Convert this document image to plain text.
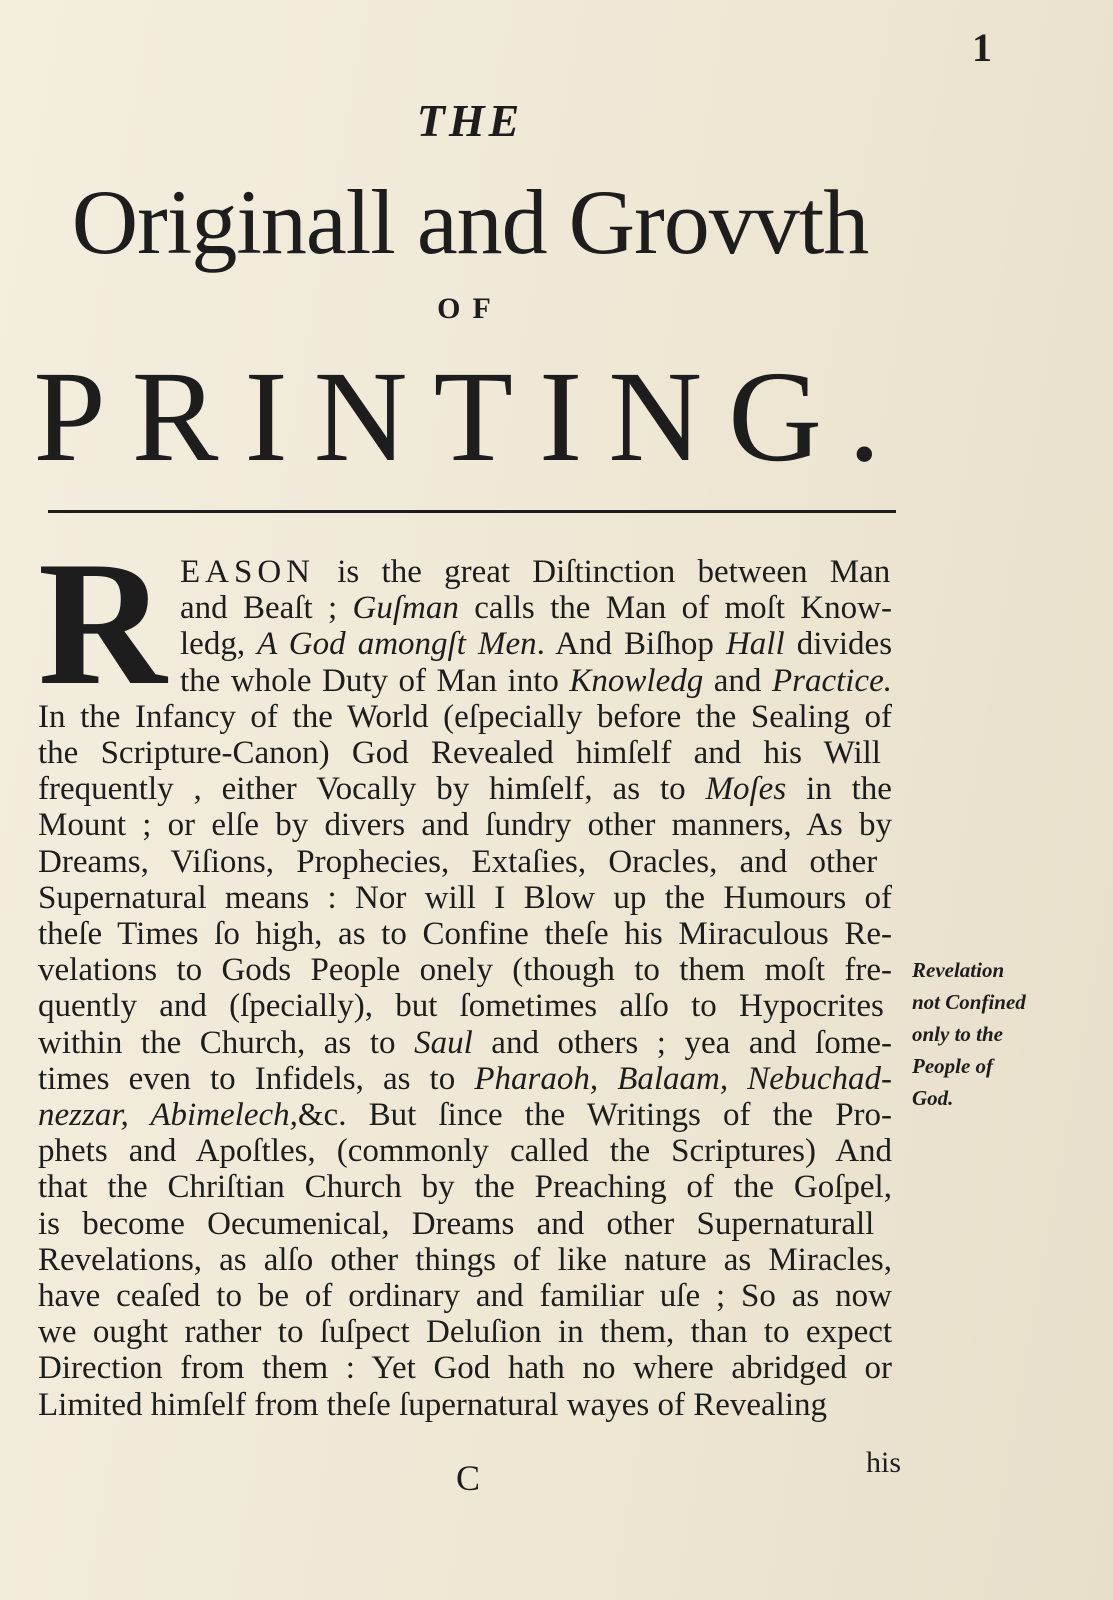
1
THE
Originall and Grovvth
OF
PRINTING.
R EASON is the great Diſtinction between Man
and Beaſt ; Guſman calls the Man of moſt Know-
ledg, A God amongſt Men. And Biſhop Hall divides
the whole Duty of Man into Knowledg and Practice.
In the Infancy of the World (eſpecially before the Sealing of
the Scripture-Canon) God Revealed himſelf and his Will
frequently , either Vocally by himſelf, as to Moſes in the
Mount ; or elſe by divers and ſundry other manners, As by
Dreams, Viſions, Prophecies, Extaſies, Oracles, and other
Supernatural means : Nor will I Blow up the Humours of
theſe Times ſo high, as to Confine theſe his Miraculous Re-
velations to Gods People onely (though to them moſt fre-
quently and (ſpecially), but ſometimes alſo to Hypocrites
within the Church, as to Saul and others ; yea and ſome-
times even to Infidels, as to Pharaoh, Balaam, Nebuchad-
nezzar, Abimelech,&c. But ſince the Writings of the Pro-
phets and Apoſtles, (commonly called the Scriptures) And
that the Chriſtian Church by the Preaching of the Goſpel,
is become Oecumenical, Dreams and other Supernaturall
Revelations, as alſo other things of like nature as Miracles,
have ceaſed to be of ordinary and familiar uſe ; So as now
we ought rather to ſuſpect Deluſion in them, than to expect
Direction from them : Yet God hath no where abridged or
Limited himſelf from theſe ſupernatural wayes of Revealing
Revelation
not Confined
only to the
People of
God.
C	his
